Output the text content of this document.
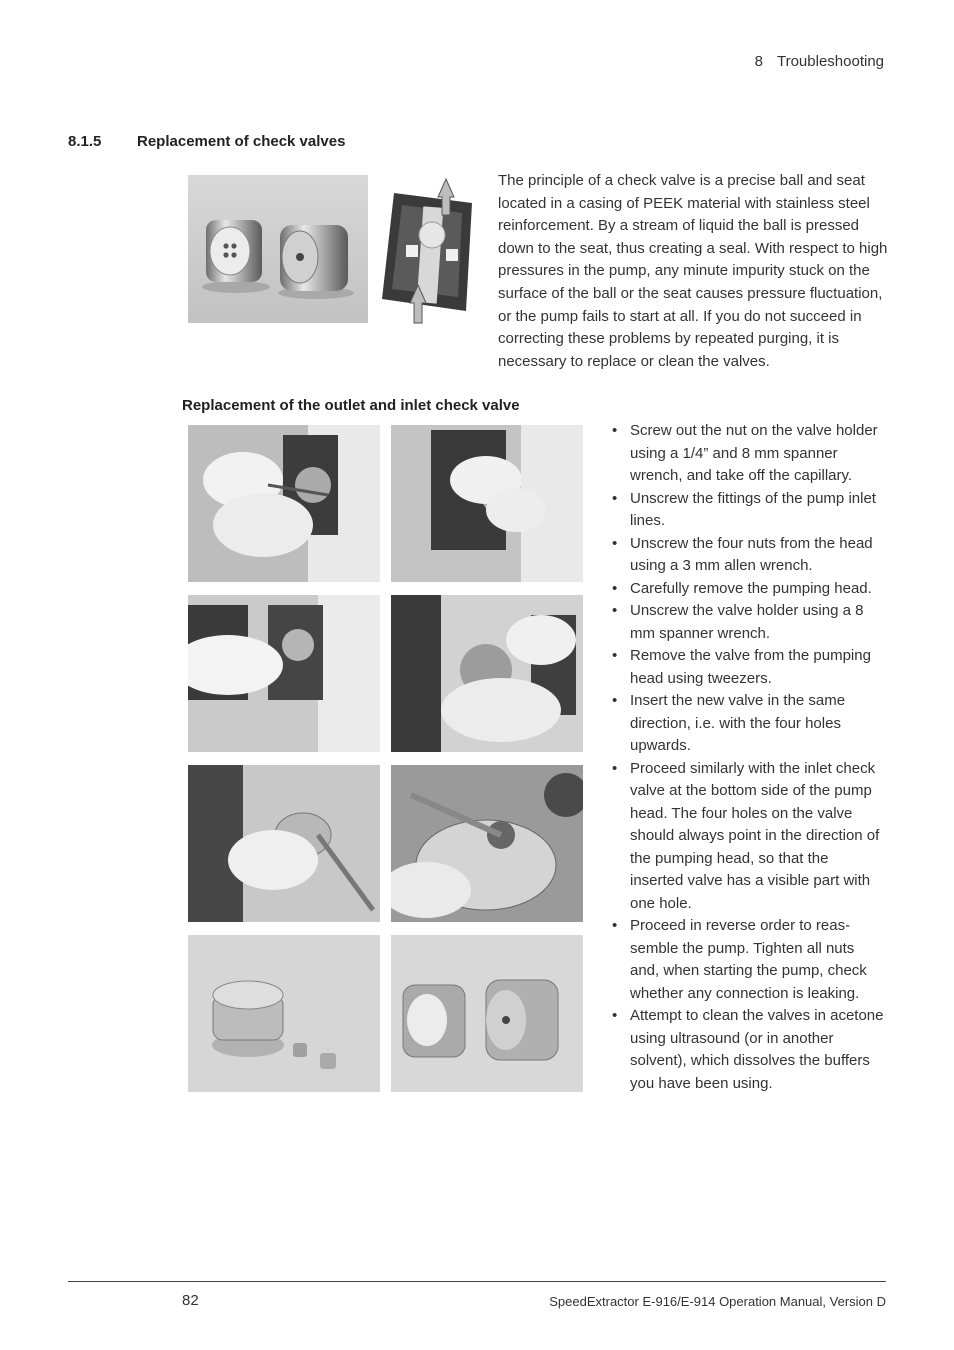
8 Troubleshooting
8.1.5 Replacement of check valves
The principle of a check valve is a precise ball and seat located in a casing of PEEK material with stainless steel reinforcement. By a stream of liquid the ball is pressed down to the seat, thus creating a seal. With respect to high pressures in the pump, any minute impurity stuck on the surface of the ball or the seat causes pressure fluctuation, or the pump fails to start at all. If you do not succeed in correcting these problems by repeated purging, it is necessary to replace or clean the valves.
Replacement of the outlet and inlet check valve
• Screw out the nut on the valve holder using a 1/4” and 8 mm spanner wrench, and take off the capillary.
• Unscrew the fittings of the pump inlet lines.
• Unscrew the four nuts from the head using a 3 mm allen wrench.
• Carefully remove the pumping head.
• Unscrew the valve holder using a 8 mm spanner wrench.
• Remove the valve from the pumping head using tweezers.
• Insert the new valve in the same direction, i.e. with the four holes upwards.
• Proceed similarly with the inlet check valve at the bottom side of the pump head. The four holes on the valve should always point in the direction of the pumping head, so that the inserted valve has a visible part with one hole.
• Proceed in reverse order to reas-semble the pump. Tighten all nuts and, when starting the pump, check whether any connection is leaking.
• Attempt to clean the valves in acetone using ultrasound (or in another solvent), which dissolves the buffers you have been using.
82	SpeedExtractor E-916/E-914 Operation Manual, Version D
